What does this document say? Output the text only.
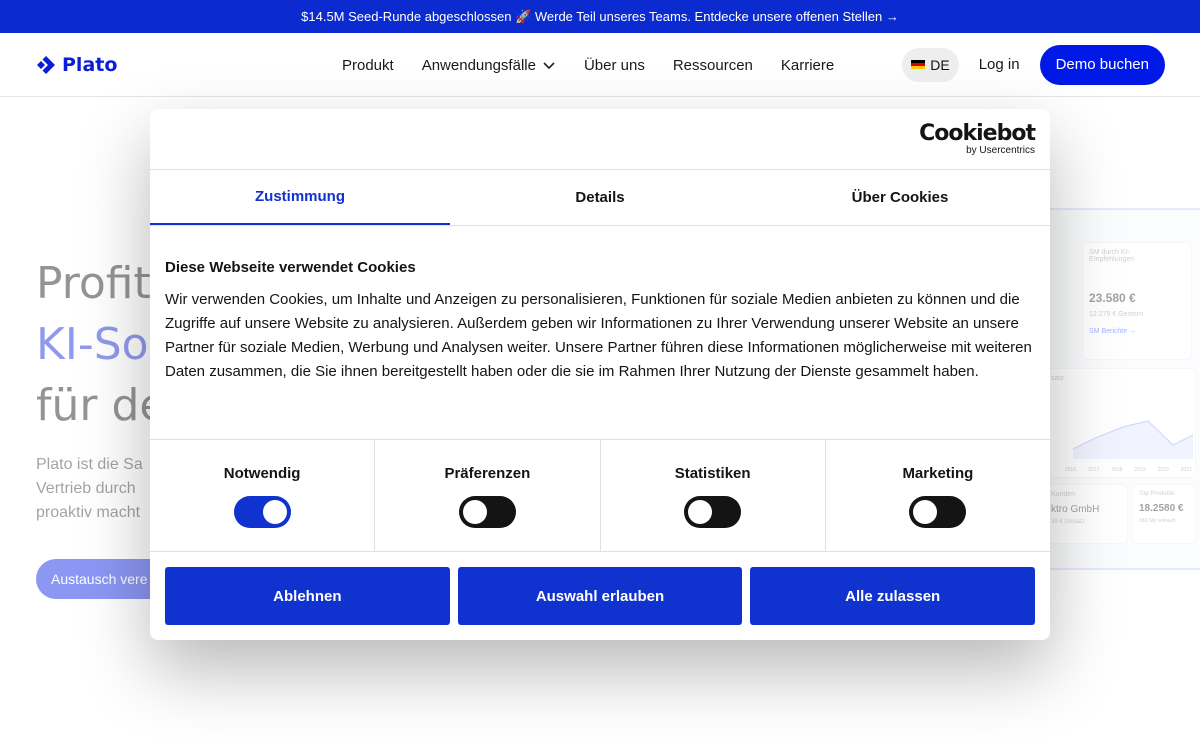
$14.5M Seed-Runde abgeschlossen 🚀 Werde Teil unseres Teams. Entdecke unsere offenen Stellen →
Plato	Produkt Anwendungsfälle	Über uns Ressourcen Karriere	DE Log in	Demo buchen
Cookiebot
by Usercentrics
Zustimmung	Details	Über Cookies
Diese Webseite verwendet Cookies

Wir verwenden Cookies, um Inhalte und Anzeigen zu personalisieren, Funktionen für soziale Medien anbieten zu können und die Zugriffe auf unsere Website zu analysieren. Außerdem geben wir Informationen zu Ihrer Verwendung unserer Website an unsere Partner für soziale Medien, Werbung und Analysen weiter. Unsere Partner führen diese Informationen möglicherweise mit weiteren Daten zusammen, die Sie ihnen bereitgestellt haben oder die sie im Rahmen Ihrer Nutzung der Dienste gesammelt haben.

Notwendig	Präferenzen	Statistiken	Marketing
Ablehnen	Auswahl erlauben	Alle zulassen
